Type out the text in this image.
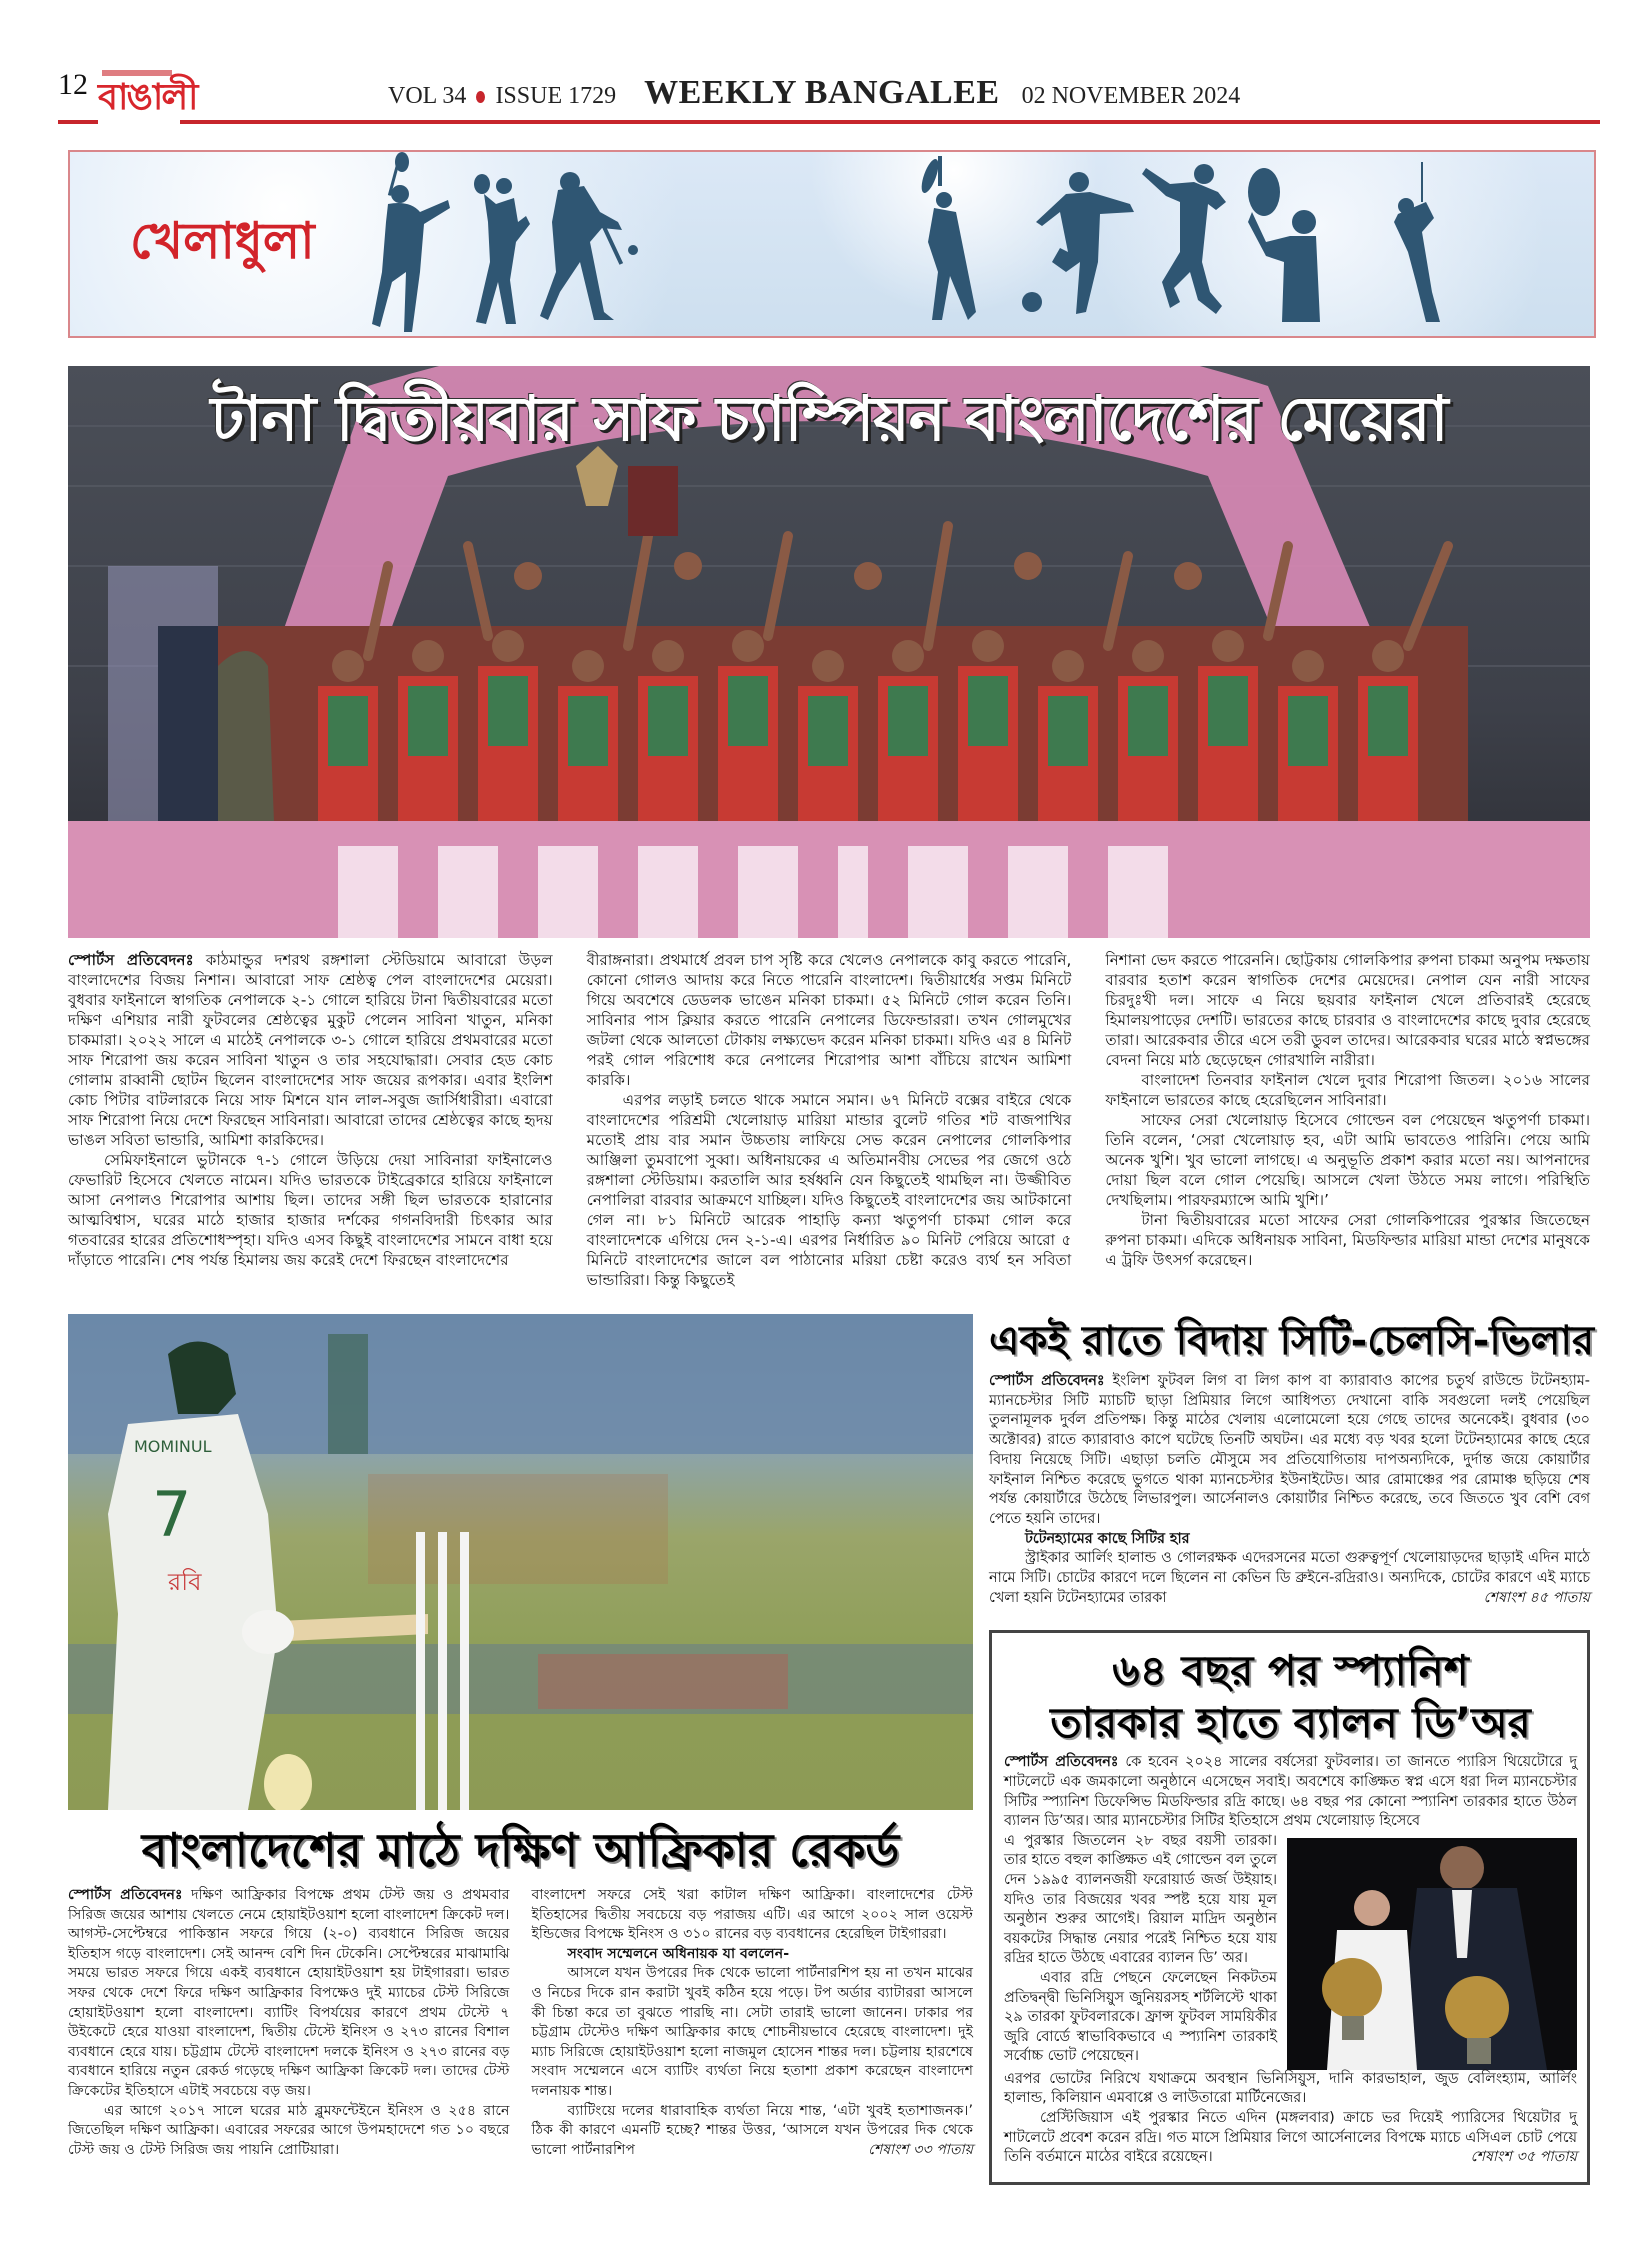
12 বাঙালী	VOL 34 ISSUE 1729 WEEKLY BANGALEE 02 NOVEMBER 2024
খেলাধুলা
টানা দ্বিতীয়বার সাফ চ্যাম্পিয়ন বাংলাদেশের মেয়েরা

স্পোর্টস প্রতিবেদনঃ কাঠমান্ডুর দশরথ রঙ্গশালা স্টেডিয়ামে আবারো উড়ল বাংলাদেশের বিজয় নিশান। আবারো সাফ শ্রেষ্ঠত্ব পেল বাংলাদেশের মেয়েরা। বুধবার ফাইনালে স্বাগতিক নেপালকে ২-১ গোলে হারিয়ে টানা দ্বিতীয়বারের মতো দক্ষিণ এশিয়ার নারী ফুটবলের শ্রেষ্ঠত্বের মুকুট পেলেন সাবিনা খাতুন, মনিকা চাকমারা। ২০২২ সালে এ মাঠেই নেপালকে ৩-১ গোলে হারিয়ে প্রথমবারের মতো সাফ শিরোপা জয় করেন সাবিনা খাতুন ও তার সহযোদ্ধারা। সেবার হেড কোচ গোলাম রাব্বানী ছোটন ছিলেন বাংলাদেশের সাফ জয়ের রূপকার। এবার ইংলিশ কোচ পিটার বাটলারকে নিয়ে সাফ মিশনে যান লাল-সবুজ জার্সিধারীরা। এবারো সাফ শিরোপা নিয়ে দেশে ফিরছেন সাবিনারা। আবারো তাদের শ্রেষ্ঠত্বের কাছে হৃদয় ভাঙল সবিতা ভান্ডারি, আমিশা কারকিদের।

সেমিফাইনালে ভুটানকে ৭-১ গোলে উড়িয়ে দেয়া সাবিনারা ফাইনালেও ফেভারিট হিসেবে খেলতে নামেন। যদিও ভারতকে টাইব্রেকারে হারিয়ে ফাইনালে আসা নেপালও শিরোপার আশায় ছিল। তাদের সঙ্গী ছিল ভারতকে হারানোর আত্মবিশ্বাস, ঘরের মাঠে হাজার হাজার দর্শকের গগনবিদারী চিৎকার আর গতবারের হারের প্রতিশোধস্পৃহা। যদিও এসব কিছুই বাংলাদেশের সামনে বাধা হয়ে দাঁড়াতে পারেনি। শেষ পর্যন্ত হিমালয় জয় করেই দেশে ফিরছেন বাংলাদেশের

বীরাঙ্গনারা। প্রথমার্ধে প্রবল চাপ সৃষ্টি করে খেলেও নেপালকে কাবু করতে পারেনি, কোনো গোলও আদায় করে নিতে পারেনি বাংলাদেশ। দ্বিতীয়ার্ধের সপ্তম মিনিটে গিয়ে অবশেষে ডেডলক ভাঙেন মনিকা চাকমা। ৫২ মিনিটে গোল করেন তিনি। সাবিনার পাস ক্লিয়ার করতে পারেনি নেপালের ডিফেন্ডাররা। তখন গোলমুখের জটলা থেকে আলতো টোকায় লক্ষ্যভেদ করেন মনিকা চাকমা। যদিও এর ৪ মিনিট পরই গোল পরিশোধ করে নেপালের শিরোপার আশা বাঁচিয়ে রাখেন আমিশা কারকি।

এরপর লড়াই চলতে থাকে সমানে সমান। ৬৭ মিনিটে বক্সের বাইরে থেকে বাংলাদেশের পরিশ্রমী খেলোয়াড় মারিয়া মান্ডার বুলেট গতির শট বাজপাখির মতোই প্রায় বার সমান উচ্চতায় লাফিয়ে সেভ করেন নেপালের গোলকিপার আঞ্জিলা তুমবাপো সুব্বা। অধিনায়কের এ অতিমানবীয় সেভের পর জেগে ওঠে রঙ্গশালা স্টেডিয়াম। করতালি আর হর্ষধ্বনি যেন কিছুতেই থামছিল না। উজ্জীবিত নেপালিরা বারবার আক্রমণে যাচ্ছিল। যদিও কিছুতেই বাংলাদেশের জয় আটকানো গেল না। ৮১ মিনিটে আরেক পাহাড়ি কন্যা ঋতুপর্ণা চাকমা গোল করে বাংলাদেশকে এগিয়ে দেন ২-১-এ। এরপর নির্ধারিত ৯০ মিনিট পেরিয়ে আরো ৫ মিনিটে বাংলাদেশের জালে বল পাঠানোর মরিয়া চেষ্টা করেও ব্যর্থ হন সবিতা ভান্ডারিরা। কিন্তু কিছুতেই

নিশানা ভেদ করতে পারেননি। ছোট্টকায় গোলকিপার রুপনা চাকমা অনুপম দক্ষতায় বারবার হতাশ করেন স্বাগতিক দেশের মেয়েদের। নেপাল যেন নারী সাফের চিরদুঃখী দল। সাফে এ নিয়ে ছয়বার ফাইনাল খেলে প্রতিবারই হেরেছে হিমালয়পাড়ের দেশটি। ভারতের কাছে চারবার ও বাংলাদেশের কাছে দুবার হেরেছে তারা। আরেকবার তীরে এসে তরী ডুবল তাদের। আরেকবার ঘরের মাঠে স্বপ্নভঙ্গের বেদনা নিয়ে মাঠ ছেড়েছেন গোরখালি নারীরা।

বাংলাদেশ তিনবার ফাইনাল খেলে দুবার শিরোপা জিতল। ২০১৬ সালের ফাইনালে ভারতের কাছে হেরেছিলেন সাবিনারা।

সাফের সেরা খেলোয়াড় হিসেবে গোল্ডেন বল পেয়েছেন ঋতুপর্ণা চাকমা। তিনি বলেন, ‘সেরা খেলোয়াড় হব, এটা আমি ভাবতেও পারিনি। পেয়ে আমি অনেক খুশি। খুব ভালো লাগছে। এ অনুভূতি প্রকাশ করার মতো নয়। আপনাদের দোয়া ছিল বলে গোল পেয়েছি। আসলে খেলা উঠতে সময় লাগে। পরিস্থিতি দেখছিলাম। পারফরম্যান্সে আমি খুশি।’

টানা দ্বিতীয়বারের মতো সাফের সেরা গোলকিপারের পুরস্কার জিতেছেন রুপনা চাকমা। এদিকে অধিনায়ক সাবিনা, মিডফিল্ডার মারিয়া মান্ডা দেশের মানুষকে এ ট্রফি উৎসর্গ করেছেন।

MOMINUL
7
রবি
বাংলাদেশের মাঠে দক্ষিণ আফ্রিকার রেকর্ড

স্পোর্টস প্রতিবেদনঃ দক্ষিণ আফ্রিকার বিপক্ষে প্রথম টেস্ট জয় ও প্রথমবার সিরিজ জয়ের আশায় খেলতে নেমে হোয়াইটওয়াশ হলো বাংলাদেশ ক্রিকেট দল। আগস্ট-সেপ্টেম্বরে পাকিস্তান সফরে গিয়ে (২-০) ব্যবধানে সিরিজ জয়ের ইতিহাস গড়ে বাংলাদেশ। সেই আনন্দ বেশি দিন টেকেনি। সেপ্টেম্বরের মাঝামাঝি সময়ে ভারত সফরে গিয়ে একই ব্যবধানে হোয়াইটওয়াশ হয় টাইগাররা। ভারত সফর থেকে দেশে ফিরে দক্ষিণ আফ্রিকার বিপক্ষেও দুই ম্যাচের টেস্ট সিরিজে হোয়াইটওয়াশ হলো বাংলাদেশ। ব্যাটিং বিপর্যয়ের কারণে প্রথম টেস্টে ৭ উইকেটে হেরে যাওয়া বাংলাদেশ, দ্বিতীয় টেস্টে ইনিংস ও ২৭৩ রানের বিশাল ব্যবধানে হেরে যায়। চট্টগ্রাম টেস্টে বাংলাদেশ দলকে ইনিংস ও ২৭৩ রানের বড় ব্যবধানে হারিয়ে নতুন রেকর্ড গড়েছে দক্ষিণ আফ্রিকা ক্রিকেট দল। তাদের টেস্ট ক্রিকেটের ইতিহাসে এটাই সবচেয়ে বড় জয়।

এর আগে ২০১৭ সালে ঘরের মাঠ ব্লুমফন্টেইনে ইনিংস ও ২৫৪ রানে জিতেছিল দক্ষিণ আফ্রিকা। এবারের সফরের আগে উপমহাদেশে গত ১০ বছরে টেস্ট জয় ও টেস্ট সিরিজ জয় পায়নি প্রোটিয়ারা।

বাংলাদেশ সফরে সেই খরা কাটাল দক্ষিণ আফ্রিকা। বাংলাদেশের টেস্ট ইতিহাসের দ্বিতীয় সবচেয়ে বড় পরাজয় এটি। এর আগে ২০০২ সাল ওয়েস্ট ইন্ডিজের বিপক্ষে ইনিংস ও ৩১০ রানের বড় ব্যবধানের হেরেছিল টাইগাররা।

সংবাদ সম্মেলনে অধিনায়ক যা বললেন-

আসলে যখন উপরের দিক থেকে ভালো পার্টনারশিপ হয় না তখন মাঝের ও নিচের দিকে রান করাটা খুবই কঠিন হয়ে পড়ে। টপ অর্ডার ব্যাটাররা আসলে কী চিন্তা করে তা বুঝতে পারছি না। সেটা তারাই ভালো জানেন। ঢাকার পর চট্টগ্রাম টেস্টেও দক্ষিণ আফ্রিকার কাছে শোচনীয়ভাবে হেরেছে বাংলাদেশ। দুই ম্যাচ সিরিজে হোয়াইটওয়াশ হলো নাজমুল হোসেন শান্তর দল। চট্টলায় হারশেষে সংবাদ সম্মেলনে এসে ব্যাটিং ব্যর্থতা নিয়ে হতাশা প্রকাশ করেছেন বাংলাদেশ দলনায়ক শান্ত।

ব্যাটিংয়ে দলের ধারাবাহিক ব্যর্থতা নিয়ে শান্ত, ‘এটা খুবই হতাশাজনক।’ ঠিক কী কারণে এমনটি হচ্ছে? শান্তর উত্তর, ‘আসলে যখন উপরের দিক থেকে ভালো পার্টনারশিপ	শেষাংশ ৩৩ পাতায়

একই রাতে বিদায় সিটি-চেলসি-ভিলার

স্পোর্টস প্রতিবেদনঃ ইংলিশ ফুটবল লিগ বা লিগ কাপ বা ক্যারাবাও কাপের চতুর্থ রাউন্ডে টটেনহ্যাম-ম্যানচেস্টার সিটি ম্যাচটি ছাড়া প্রিমিয়ার লিগে আধিপত্য দেখানো বাকি সবগুলো দলই পেয়েছিল তুলনামূলক দুর্বল প্রতিপক্ষ। কিন্তু মাঠের খেলায় এলোমেলো হয়ে গেছে তাদের অনেকেই। বুধবার (৩০ অক্টোবর) রাতে ক্যারাবাও কাপে ঘটেছে তিনটি অঘটন। এর মধ্যে বড় খবর হলো টটেনহ্যামের কাছে হেরে বিদায় নিয়েছে সিটি। এছাড়া চলতি মৌসুমে সব প্রতিযোগিতায় দাপঅন্যদিকে, দুর্দান্ত জয়ে কোয়ার্টার ফাইনাল নিশ্চিত করেছে ভুগতে থাকা ম্যানচেস্টার ইউনাইটেড। আর রোমাঞ্চের পর রোমাঞ্চ ছড়িয়ে শেষ পর্যন্ত কোয়ার্টারে উঠেছে লিভারপুল। আর্সেনালও কোয়ার্টার নিশ্চিত করেছে, তবে জিততে খুব বেশি বেগ পেতে হয়নি তাদের।

টটেনহ্যামের কাছে সিটির হার

স্ট্রাইকার আর্লিং হালান্ড ও গোলরক্ষক এদেরসনের মতো গুরুত্বপূর্ণ খেলোয়াড়দের ছাড়াই এদিন মাঠে নামে সিটি। চোটের কারণে দলে ছিলেন না কেভিন ডি ব্রুইনে-রদ্রিরাও। অন্যদিকে, চোটের কারণে এই ম্যাচে খেলা হয়নি টটেনহ্যামের তারকা	শেষাংশ ৪৫ পাতায়

৬৪ বছর পর স্প্যানিশ
তারকার হাতে ব্যালন ডি’অর

স্পোর্টস প্রতিবেদনঃ কে হবেন ২০২৪ সালের বর্ষসেরা ফুটবলার। তা জানতে প্যারিস থিয়েটোরে দু শাটলেটে এক জমকালো অনুষ্ঠানে এসেছেন সবাই। অবশেষে কাঙ্ক্ষিত স্বপ্ন এসে ধরা দিল ম্যানচেস্টার সিটির স্প্যানিশ ডিফেন্সিভ মিডফিল্ডার রদ্রি কাছে। ৬৪ বছর পর কোনো স্প্যানিশ তারকার হাতে উঠল ব্যালন ডি’অর। আর ম্যানচেস্টার সিটির ইতিহাসে প্রথম খেলোয়াড় হিসেবে

এ পুরস্কার জিতলেন ২৮ বছর বয়সী তারকা। তার হাতে বহুল কাঙ্ক্ষিত এই গোল্ডেন বল তুলে দেন ১৯৯৫ ব্যালনজয়ী ফরোয়ার্ড জর্জ উইয়াহ। যদিও তার বিজয়ের খবর স্পষ্ট হয়ে যায় মূল অনুষ্ঠান শুরুর আগেই। রিয়াল মাদ্রিদ অনুষ্ঠান বয়কটের সিদ্ধান্ত নেয়ার পরেই নিশ্চিত হয়ে যায় রদ্রির হাতে উঠছে এবারের ব্যালন ডি’ অর।

এবার রদ্রি পেছনে ফেলেছেন নিকটতম প্রতিদ্বন্দ্বী ভিনিসিয়ুস জুনিয়রসহ শর্টলিস্টে থাকা ২৯ তারকা ফুটবলারকে। ফ্রান্স ফুটবল সাময়িকীর জুরি বোর্ডে স্বাভাবিকভাবে এ স্প্যানিশ তারকাই সর্বোচ্চ ভোট পেয়েছেন।

এরপর ভোটের নিরিখে যথাক্রমে অবস্থান ভিনিসিয়ুস, দানি কারভাহাল, জুড বেলিংহ্যাম, আর্লিং হালান্ড, কিলিয়ান এমবাপ্পে ও লাউতারো মার্টিনেজের।

প্রেস্টিজিয়াস এই পুরস্কার নিতে এদিন (মঙ্গলবার) ক্রাচে ভর দিয়েই প্যারিসের থিয়েটার দু শাটলেটে প্রবেশ করেন রদ্রি। গত মাসে প্রিমিয়ার লিগে আর্সেনালের বিপক্ষে ম্যাচে এসিএল চোট পেয়ে তিনি বর্তমানে মাঠের বাইরে রয়েছেন।	শেষাংশ ৩৫ পাতায়
